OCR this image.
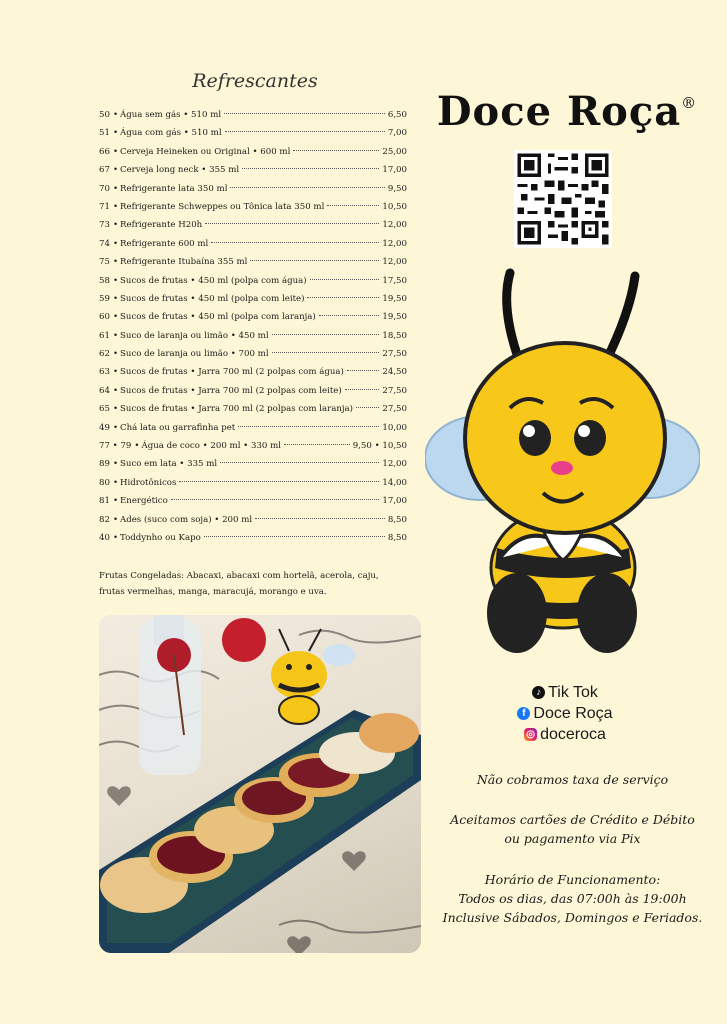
Refrescantes
50 • Água sem gás • 510 ml	6,50
51 • Água com gás • 510 ml	7,00
66 • Cerveja Heineken ou Original • 600 ml	25,00
67 • Cerveja long neck • 355 ml	17,00
70 • Refrigerante lata 350 ml	9,50
71 • Refrigerante Schweppes ou Tônica lata 350 ml	10,50
73 • Refrigerante H20h	12,00
74 • Refrigerante 600 ml	12,00
75 • Refrigerante Itubaína 355 ml	12,00
58 • Sucos de frutas • 450 ml (polpa com água)	17,50
59 • Sucos de frutas • 450 ml (polpa com leite)	19,50
60 • Sucos de frutas • 450 ml (polpa com laranja)	19,50
61 • Suco de laranja ou limão • 450 ml	18,50
62 • Suco de laranja ou limão • 700 ml	27,50
63 • Sucos de frutas • Jarra 700 ml (2 polpas com água)	24,50
64 • Sucos de frutas • Jarra 700 ml (2 polpas com leite)	27,50
65 • Sucos de frutas • Jarra 700 ml (2 polpas com laranja)	27,50
49 • Chá lata ou garrafinha pet	10,00
77 • 79 • Água de coco • 200 ml • 330 ml	9,50 • 10,50
89 • Suco em lata • 335 ml	12,00
80 • Hidrotônicos	14,00
81 • Energético	17,00
82 • Ades (suco com soja) • 200 ml	8,50
40 • Toddynho ou Kapo	8,50
Frutas Congeladas: Abacaxi, abacaxi com hortelã, acerola, caju, frutas vermelhas, manga, maracujá, morango e uva.
Doce Roça®
♪ Tik Tok
f Doce Roça
◎ doceroca
Não cobramos taxa de serviço
Aceitamos cartões de Crédito e Débito
ou pagamento via Pix
Horário de Funcionamento:
Todos os dias, das 07:00h às 19:00h
Inclusive Sábados, Domingos e Feriados.
